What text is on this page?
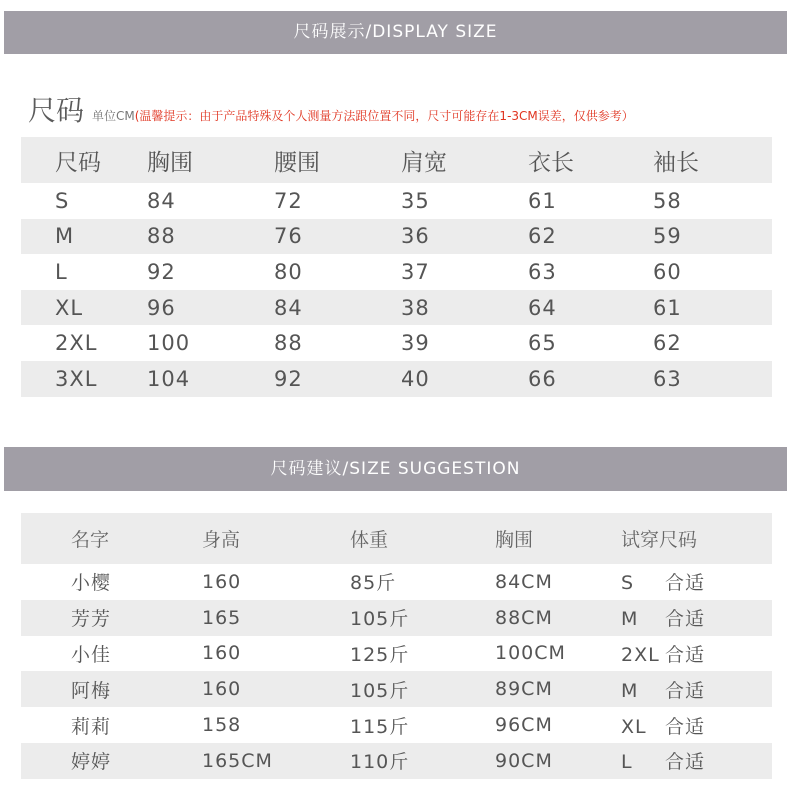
尺码展示/DISPLAY SIZE
尺码 单位CM(温馨提示：由于产品特殊及个人测量方法跟位置不同，尺寸可能存在1-3CM误差，仅供参考）
尺码	胸围	腰围	肩宽	衣长	袖长
S	84	72	35	61	58
M	88	76	36	62	59
L	92	80	37	63	60
XL	96	84	38	64	61
2XL	100	88	39	65	62
3XL	104	92	40	66	63
尺码建议/SIZE SUGGESTION
名字	身高	体重	胸围	试穿尺码
小樱	160	85斤	84CM	S 合适
芳芳	165	105斤	88CM	M 合适
小佳	160	125斤	100CM	2XL 合适
阿梅	160	105斤	89CM	M 合适
莉莉	158	115斤	96CM	XL 合适
婷婷	165CM	110斤	90CM	L 合适
